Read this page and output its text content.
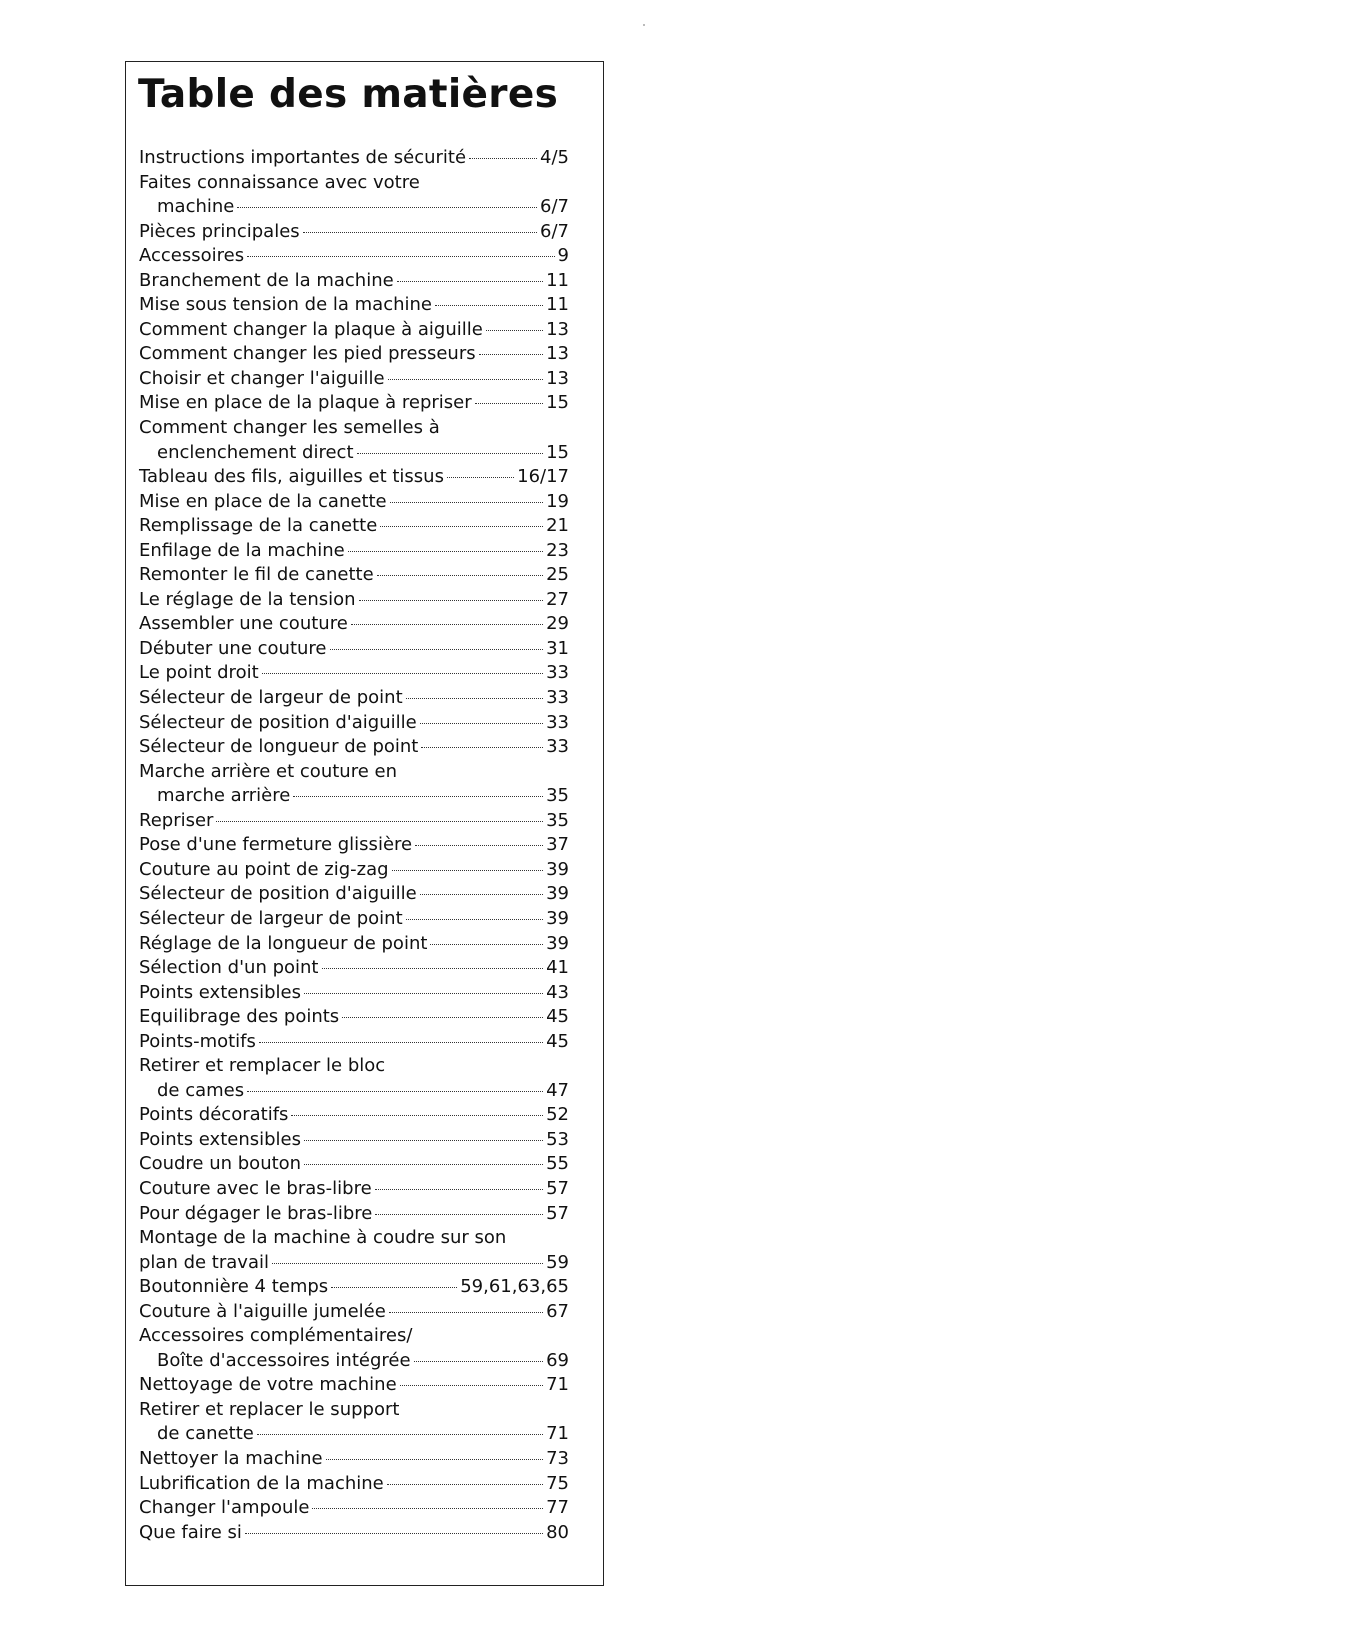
Table des matières
Instructions importantes de sécurité	4/5
Faites connaissance avec votre
machine	6/7
Pièces principales	6/7
Accessoires	9
Branchement de la machine	11
Mise sous tension de la machine	11
Comment changer la plaque à aiguille	13
Comment changer les pied presseurs	13
Choisir et changer l'aiguille	13
Mise en place de la plaque à repriser	15
Comment changer les semelles à
enclenchement direct	15
Tableau des fils, aiguilles et tissus	16/17
Mise en place de la canette	19
Remplissage de la canette	21
Enfilage de la machine	23
Remonter le fil de canette	25
Le réglage de la tension	27
Assembler une couture	29
Débuter une couture	31
Le point droit	33
Sélecteur de largeur de point	33
Sélecteur de position d'aiguille	33
Sélecteur de longueur de point	33
Marche arrière et couture en
marche arrière	35
Repriser	35
Pose d'une fermeture glissière	37
Couture au point de zig-zag	39
Sélecteur de position d'aiguille	39
Sélecteur de largeur de point	39
Réglage de la longueur de point	39
Sélection d'un point	41
Points extensibles	43
Equilibrage des points	45
Points-motifs	45
Retirer et remplacer le bloc
de cames	47
Points décoratifs	52
Points extensibles	53
Coudre un bouton	55
Couture avec le bras-libre	57
Pour dégager le bras-libre	57
Montage de la machine à coudre sur son
plan de travail	59
Boutonnière 4 temps	59,61,63,65
Couture à l'aiguille jumelée	67
Accessoires complémentaires/
Boîte d'accessoires intégrée	69
Nettoyage de votre machine	71
Retirer et replacer le support
de canette	71
Nettoyer la machine	73
Lubrification de la machine	75
Changer l'ampoule	77
Que faire si	80
